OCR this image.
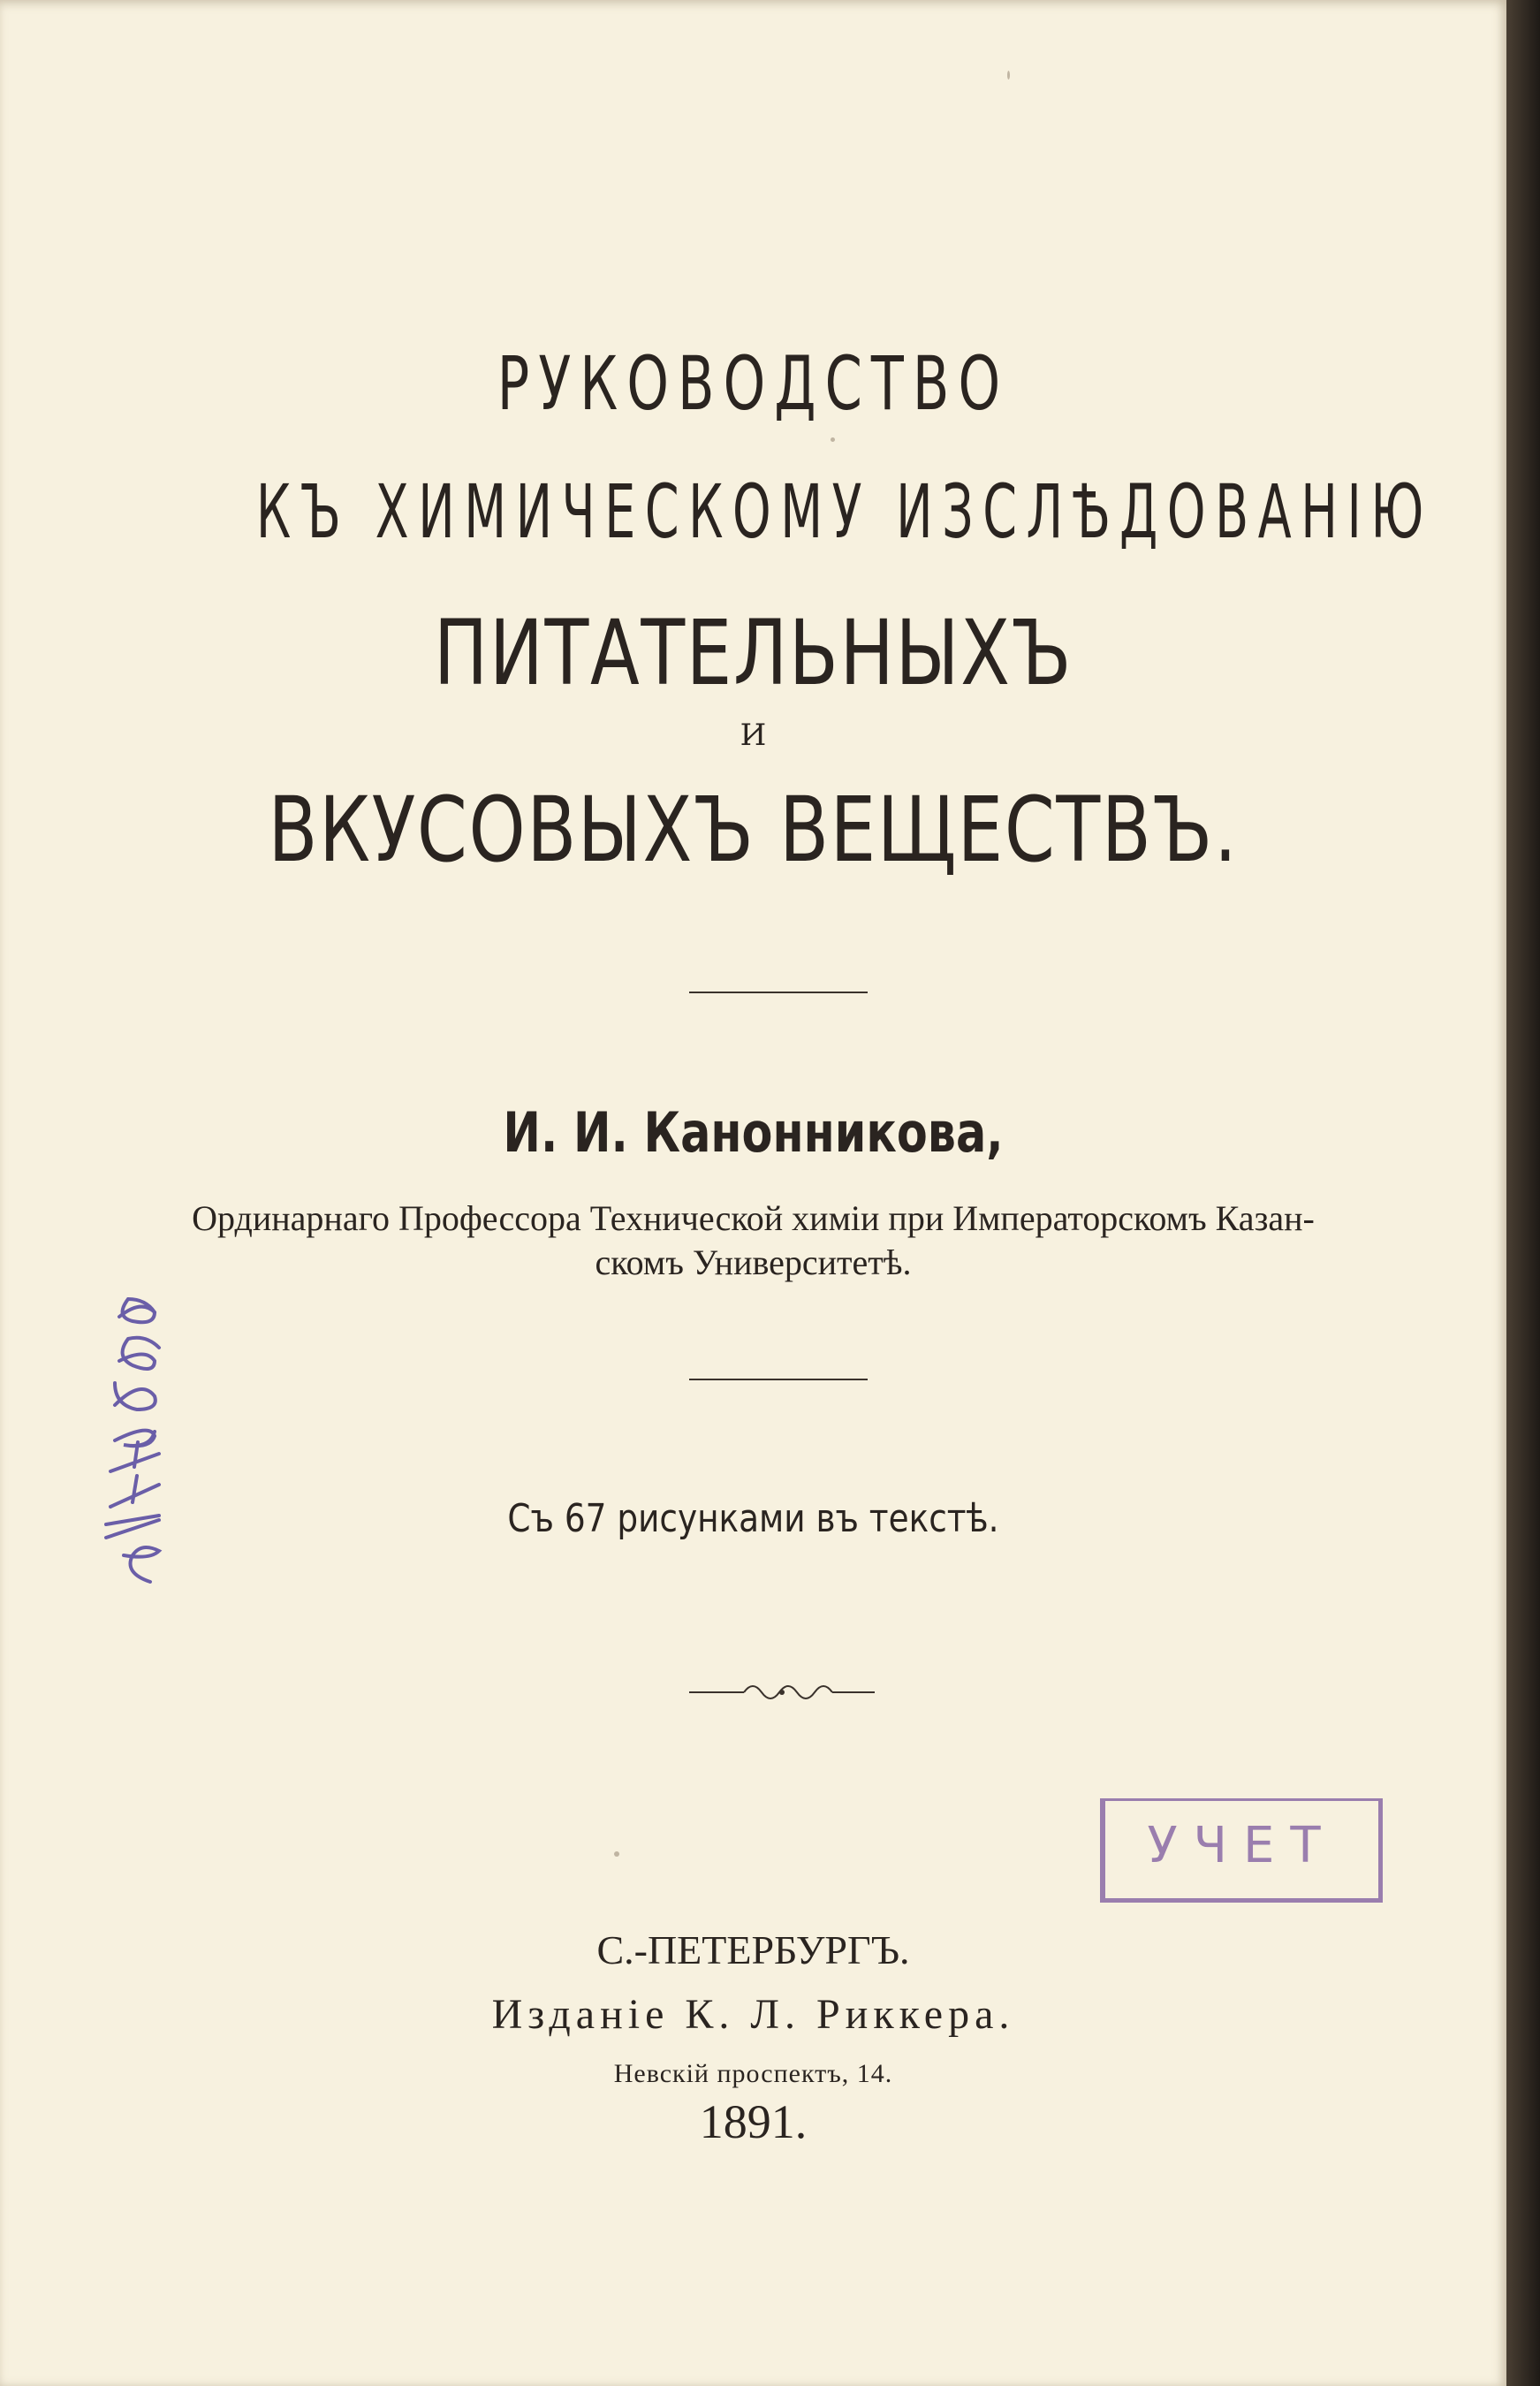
РУКОВОДСТВО
КЪ ХИМИЧЕСКОМУ ИЗСЛѢДОВАНІЮ
ПИТАТЕЛЬНЫХЪ
И
ВКУСОВЫХЪ ВЕЩЕСТВЪ.
И. И. Канонникова,
Ординарнаго Профессора Технической химіи при Императорскомъ Казан-
скомъ Университетѣ.
Съ 67 рисунками въ текстѣ.
УЧЕТ
С.-ПЕТЕРБУРГЪ.
Изданіе К. Л. Риккера.
Невскій проспектъ, 14.
1891.
